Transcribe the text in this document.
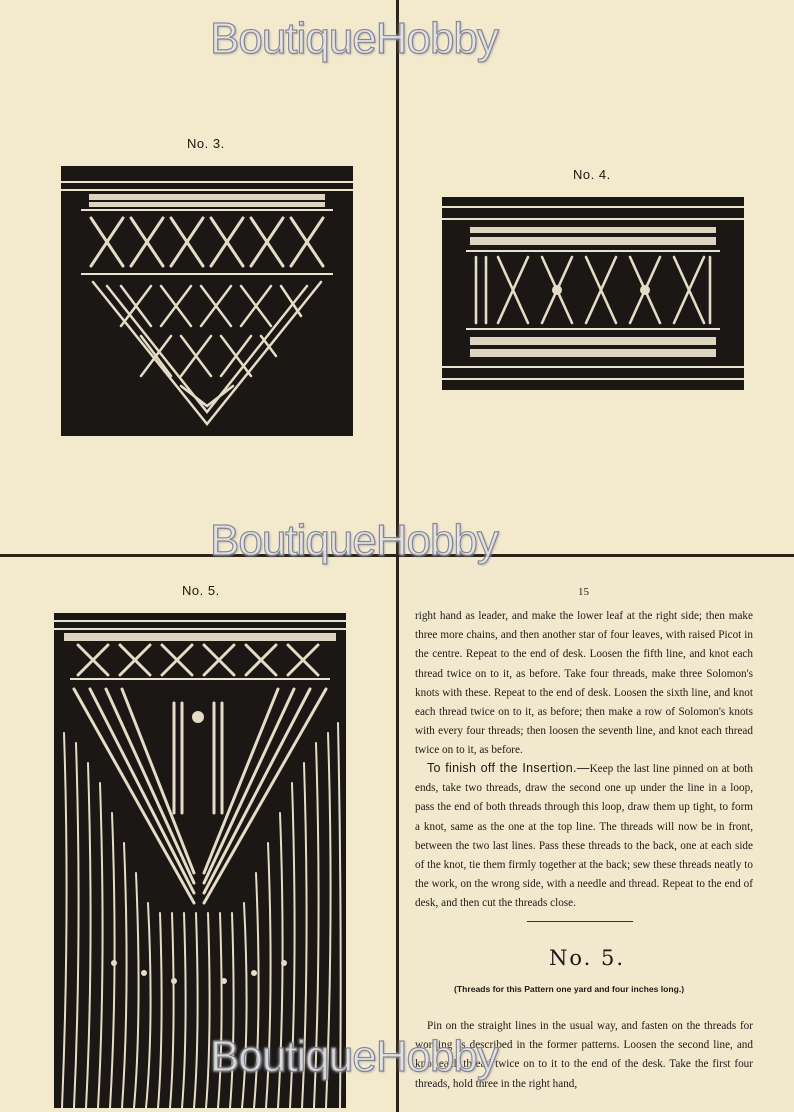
No. 3.
No. 4.
No. 5.	15

right hand as leader, and make the lower leaf at the right side; then make three more chains, and then another star of four leaves, with raised Picot in the centre. Repeat to the end of desk. Loosen the fifth line, and knot each thread twice on to it, as before. Take four threads, make three Solomon's knots with these. Repeat to the end of desk. Loosen the sixth line, and knot each thread twice on to it, as before; then make a row of Solomon's knots with every four threads; then loosen the seventh line, and knot each thread twice on to it, as before.

To finish off the Insertion.—Keep the last line pinned on at both ends, take two threads, draw the second one up under the line in a loop, pass the end of both threads through this loop, draw them up tight, to form a knot, same as the one at the top line. The threads will now be in front, between the two last lines. Pass these threads to the back, one at each side of the knot, tie them firmly together at the back; sew these threads neatly to the work, on the wrong side, with a needle and thread. Repeat to the end of desk, and then cut the threads close.

No. 5.
(Threads for this Pattern one yard and four inches long.)

Pin on the straight lines in the usual way, and fasten on the threads for working as described in the former patterns. Loosen the second line, and knot each thread twice on to it to the end of the desk. Take the first four threads, hold three in the right hand,

BoutiqueHobby
BoutiqueHobby
BoutiqueHobby
